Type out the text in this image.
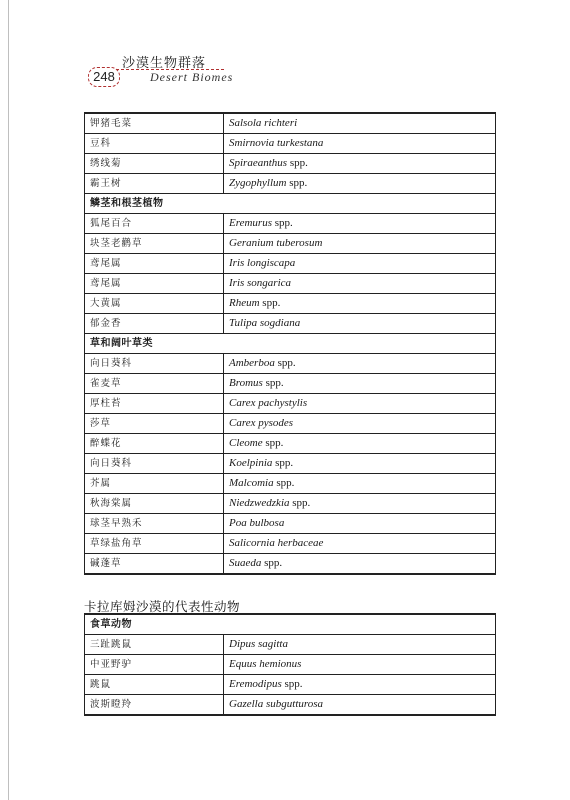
沙漠生物群落
248	Desert Biomes
钾猪毛菜	Salsola richteri
豆科	Smirnovia turkestana
绣线菊	Spiraeanthus spp.
霸王树	Zygophyllum spp.
鳞茎和根茎植物	
狐尾百合	Eremurus spp.
块茎老鹳草	Geranium tuberosum
鸢尾属	Iris longiscapa
鸢尾属	Iris songarica
大黄属	Rheum spp.
郁金香	Tulipa sogdiana
草和阔叶草类	
向日葵科	Amberboa spp.
雀麦草	Bromus spp.
厚柱苔	Carex pachystylis
莎草	Carex pysodes
醉蝶花	Cleome spp.
向日葵科	Koelpinia spp.
芥属	Malcomia spp.
秋海棠属	Niedzwedzkia spp.
球茎早熟禾	Poa bulbosa
草绿盐角草	Salicornia herbaceae
碱蓬草	Suaeda spp.
卡拉库姆沙漠的代表性动物
食草动物	
三趾跳鼠	Dipus sagitta
中亚野驴	Equus hemionus
跳鼠	Eremodipus spp.
波斯瞪羚	Gazella subgutturosa
